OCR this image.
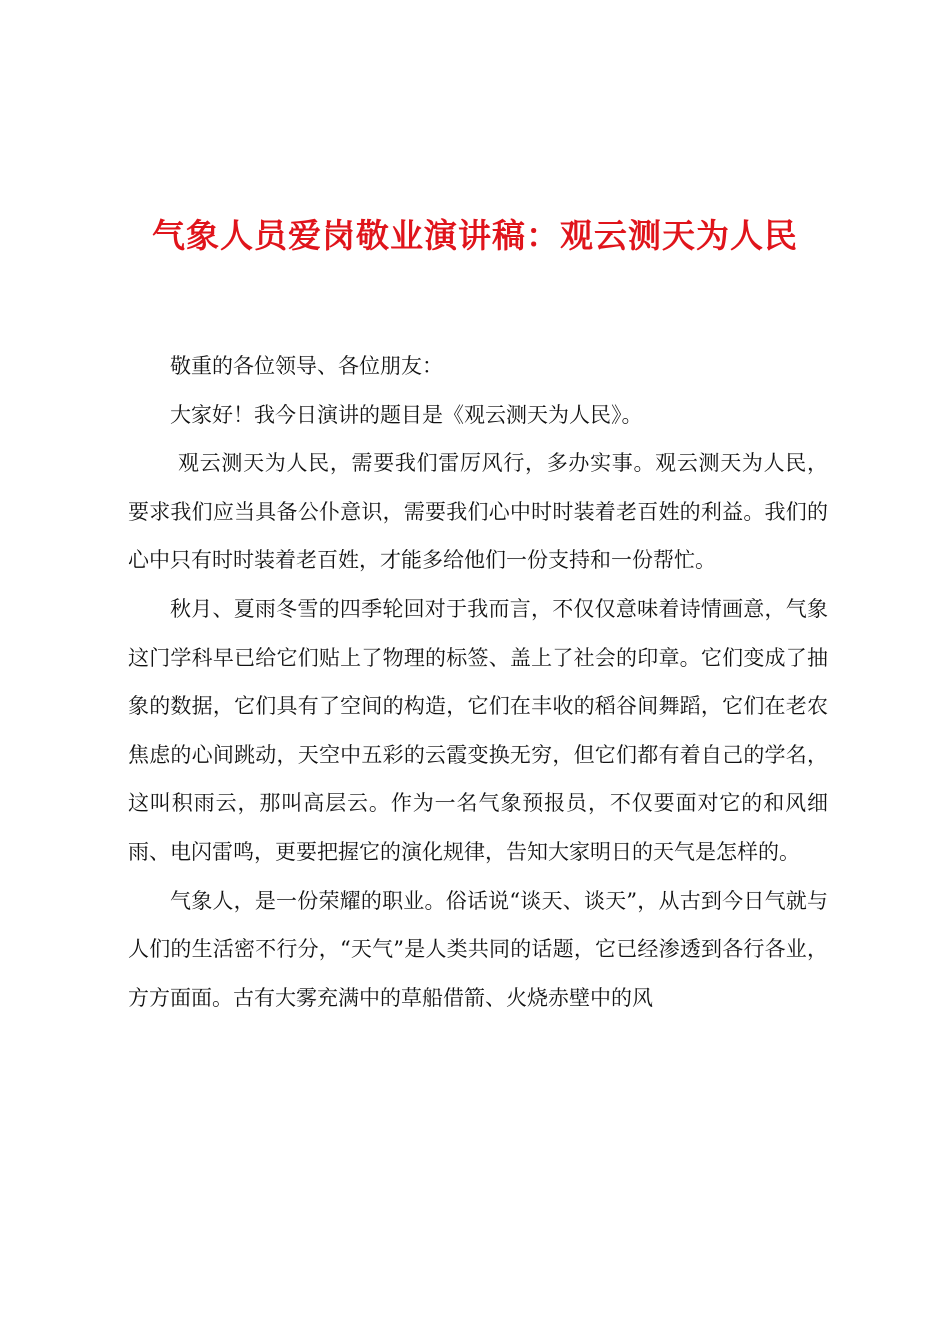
气象人员爱岗敬业演讲稿：观云测天为人民

敬重的各位领导、各位朋友：

大家好！我今日演讲的题目是《观云测天为人民》。

观云测天为人民，需要我们雷厉风行，多办实事。观云测天为人民，要求我们应当具备公仆意识，需要我们心中时时装着老百姓的利益。我们的心中只有时时装着老百姓，才能多给他们一份支持和一份帮忙。

秋月、夏雨冬雪的四季轮回对于我而言，不仅仅意味着诗情画意，气象这门学科早已给它们贴上了物理的标签、盖上了社会的印章。它们变成了抽象的数据，它们具有了空间的构造，它们在丰收的稻谷间舞蹈，它们在老农焦虑的心间跳动，天空中五彩的云霞变换无穷，但它们都有着自己的学名，这叫积雨云，那叫高层云。作为一名气象预报员，不仅要面对它的和风细雨、电闪雷鸣，更要把握它的演化规律，告知大家明日的天气是怎样的。

气象人，是一份荣耀的职业。俗话说“谈天、谈天”，从古到今日气就与人们的生活密不行分，“天气”是人类共同的话题，它已经渗透到各行各业，方方面面。古有大雾充满中的草船借箭、火烧赤壁中的风
